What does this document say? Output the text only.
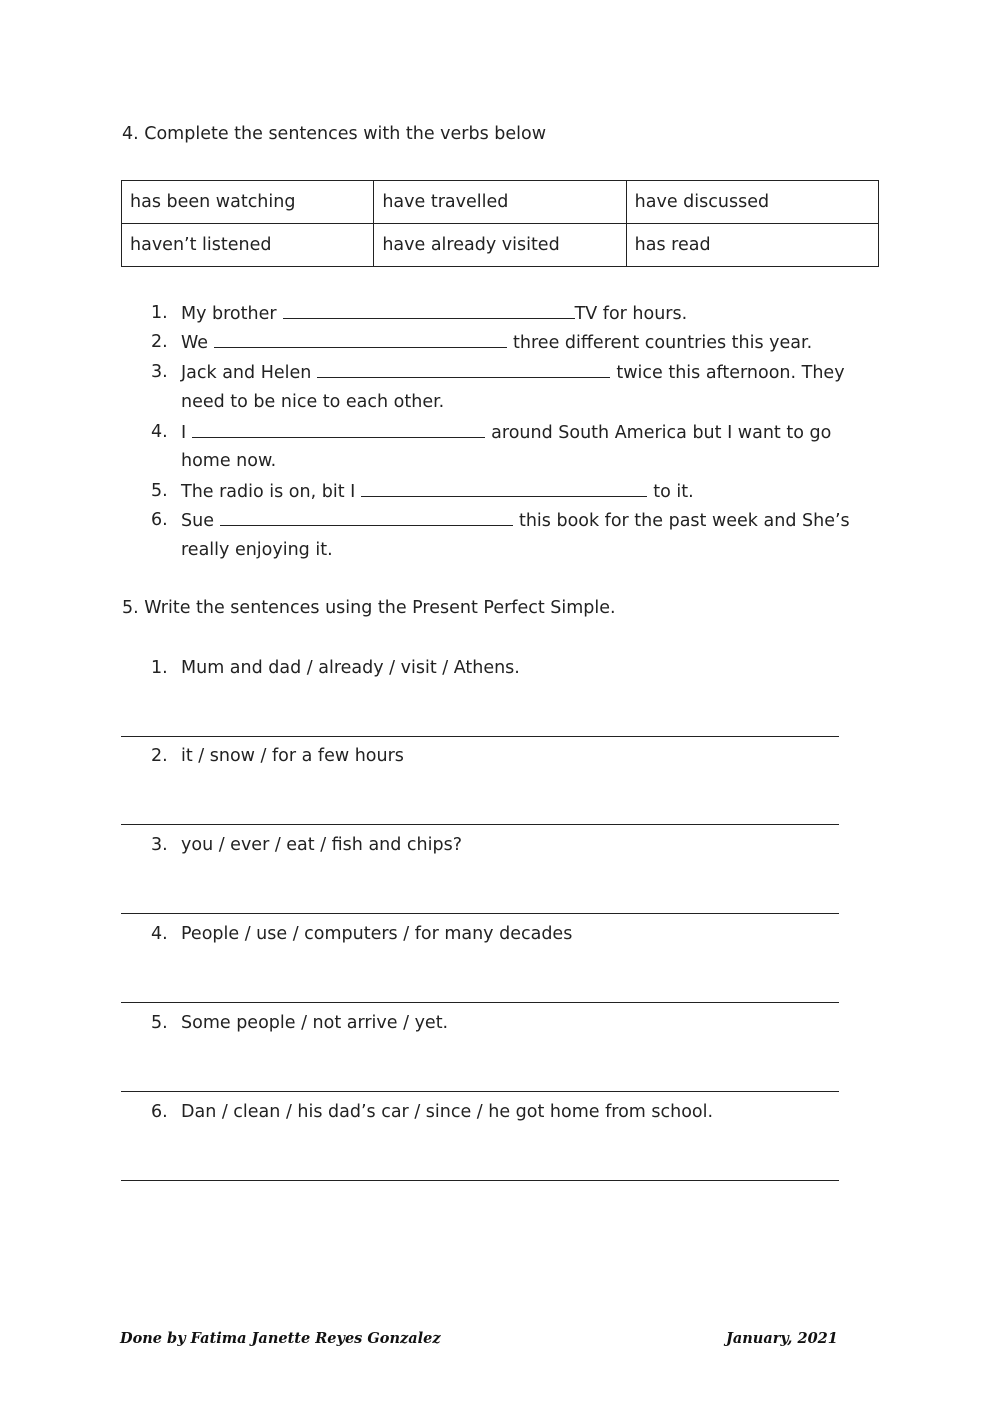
4. Complete the sentences with the verbs below
has been watching	have travelled	have discussed
haven’t listened	have already visited	has read
1. My brother	TV for hours.
2. We	three different countries this year.
3. Jack and Helen	twice this afternoon. They
need to be nice to each other.
4. I	around South America but I want to go
home now.
5. The radio is on, bit I	to it.
6. Sue	this book for the past week and She’s
really enjoying it.
5. Write the sentences using the Present Perfect Simple.
1. Mum and dad / already / visit / Athens.
2. it / snow / for a few hours
3. you / ever / eat / fish and chips?
4. People / use / computers / for many decades
5. Some people / not arrive / yet.
6. Dan / clean / his dad’s car / since / he got home from school.
Done by Fatima Janette Reyes Gonzalez	January, 2021
